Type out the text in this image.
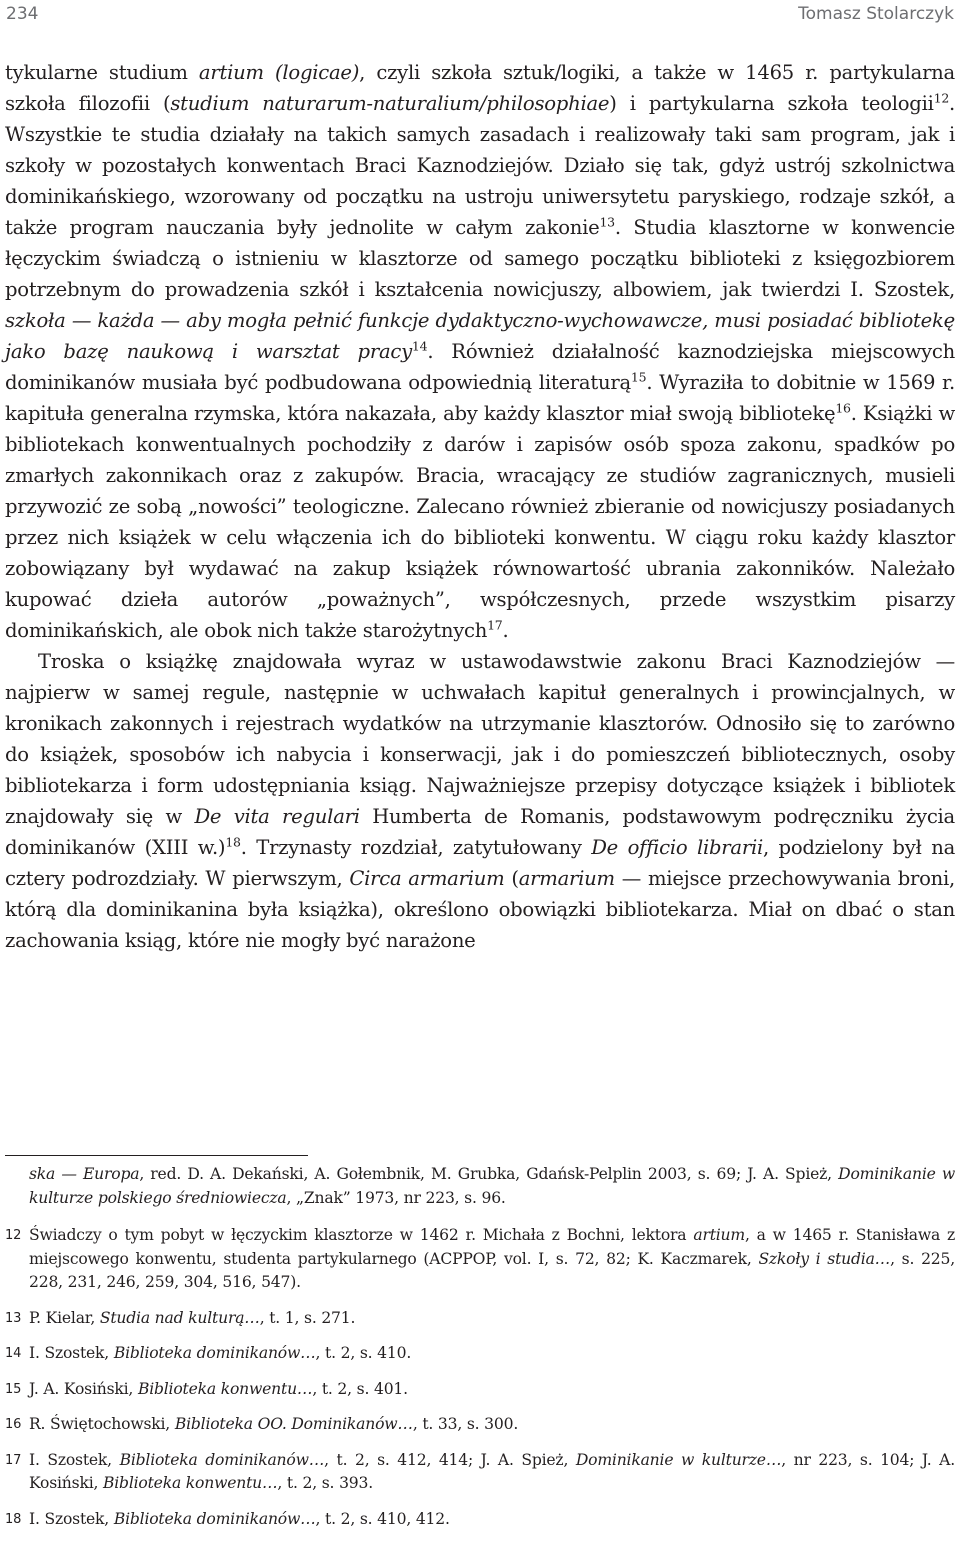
234	Tomasz Stolarczyk

tykularne studium artium (logicae), czyli szkoła sztuk/logiki, a także w 1465 r. partykularna szkoła filozofii (studium naturarum-naturalium/philosophiae) i partykularna szkoła teologii$^{12}$. Wszystkie te studia działały na takich samych zasadach i realizowały taki sam program, jak i szkoły w pozostałych konwentach Braci Kaznodziejów. Działo się tak, gdyż ustrój szkolnictwa dominikańskiego, wzorowany od początku na ustroju uniwersytetu paryskiego, rodzaje szkół, a także program nauczania były jednolite w całym zakonie$^{13}$. Studia klasztorne w konwencie łęczyckim świadczą o istnieniu w klasztorze od samego początku biblioteki z księgozbiorem potrzebnym do prowadzenia szkół i kształcenia nowicjuszy, albowiem, jak twierdzi I. Szostek, szkoła — każda — aby mogła pełnić funkcje dydaktyczno-wychowawcze, musi posiadać bibliotekę jako bazę naukową i warsztat pracy$^{14}$. Również działalność kaznodziejska miejscowych dominikanów musiała być podbudowana odpowiednią literaturą$^{15}$. Wyraziła to dobitnie w 1569 r. kapituła generalna rzymska, która nakazała, aby każdy klasztor miał swoją bibliotekę$^{16}$. Książki w bibliotekach konwentualnych pochodziły z darów i zapisów osób spoza zakonu, spadków po zmarłych zakonnikach oraz z zakupów. Bracia, wracający ze studiów zagranicznych, musieli przywozić ze sobą „nowości” teologiczne. Zalecano również zbieranie od nowicjuszy posiadanych przez nich książek w celu włączenia ich do biblioteki konwentu. W ciągu roku każdy klasztor zobowiązany był wydawać na zakup książek równowartość ubrania zakonników. Należało kupować dzieła autorów „poważnych”, współczesnych, przede wszystkim pisarzy dominikańskich, ale obok nich także starożytnych$^{17}$.

Troska o książkę znajdowała wyraz w ustawodawstwie zakonu Braci Kaznodziejów — najpierw w samej regule, następnie w uchwałach kapituł generalnych i prowincjalnych, w kronikach zakonnych i rejestrach wydatków na utrzymanie klasztorów. Odnosiło się to zarówno do książek, sposobów ich nabycia i konserwacji, jak i do pomieszczeń bibliotecznych, osoby bibliotekarza i form udostępniania ksiąg. Najważniejsze przepisy dotyczące książek i bibliotek znajdowały się w De vita regulari Humberta de Romanis, podstawowym podręczniku życia dominikanów (XIII w.)$^{18}$. Trzynasty rozdział, zatytułowany De officio librarii, podzielony był na cztery podrozdziały. W pierwszym, Circa armarium (armarium — miejsce przechowywania broni, którą dla dominikanina była książka), określono obowiązki bibliotekarza. Miał on dbać o stan zachowania ksiąg, które nie mogły być narażone

ska — Europa, red. D. A. Dekański, A. Gołembnik, M. Grubka, Gdańsk-Pelplin 2003, s. 69; J. A. Spież, Dominikanie w kulturze polskiego średniowiecza, „Znak” 1973, nr 223, s. 96.
12 Świadczy o tym pobyt w łęczyckim klasztorze w 1462 r. Michała z Bochni, lektora artium, a w 1465 r. Stanisława z miejscowego konwentu, studenta partykularnego (ACPPOP, vol. I, s. 72, 82; K. Kaczmarek, Szkoły i studia…, s. 225, 228, 231, 246, 259, 304, 516, 547).
13 P. Kielar, Studia nad kulturą…, t. 1, s. 271.
14 I. Szostek, Biblioteka dominikanów…, t. 2, s. 410.
15 J. A. Kosiński, Biblioteka konwentu…, t. 2, s. 401.
16 R. Świętochowski, Biblioteka OO. Dominikanów…, t. 33, s. 300.
17 I. Szostek, Biblioteka dominikanów…, t. 2, s. 412, 414; J. A. Spież, Dominikanie w kulturze…, nr 223, s. 104; J. A. Kosiński, Biblioteka konwentu…, t. 2, s. 393.
18 I. Szostek, Biblioteka dominikanów…, t. 2, s. 410, 412.
